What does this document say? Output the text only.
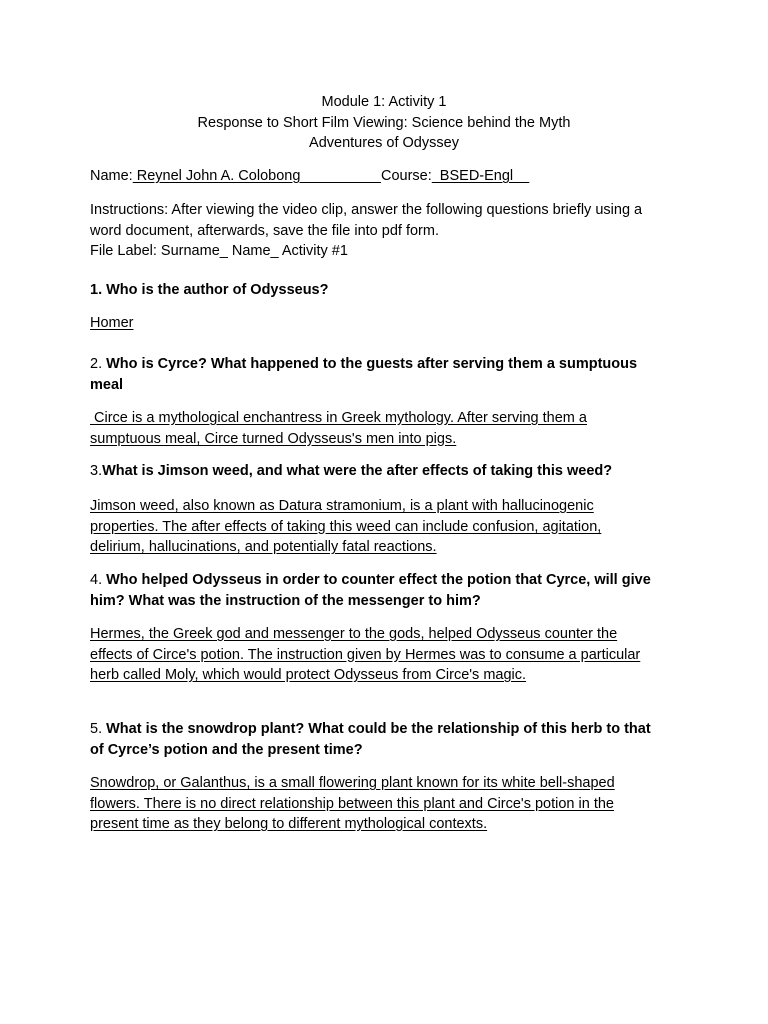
Module 1: Activity 1
Response to Short Film Viewing: Science behind the Myth
Adventures of Odyssey
Name: Reynel John A. Colobong                    Course:  BSED-Engl
Instructions: After viewing the video clip, answer the following questions briefly using a
word document, afterwards, save the file into pdf form.
File Label: Surname_ Name_ Activity #1
1. Who is the author of Odysseus?
Homer
2. Who is Cyrce? What happened to the guests after serving them a sumptuous
meal
Circe is a mythological enchantress in Greek mythology. After serving them a
sumptuous meal, Circe turned Odysseus's men into pigs.
3.What is Jimson weed, and what were the after effects of taking this weed?
Jimson weed, also known as Datura stramonium, is a plant with hallucinogenic
properties. The after effects of taking this weed can include confusion, agitation,
delirium, hallucinations, and potentially fatal reactions.
4. Who helped Odysseus in order to counter effect the potion that Cyrce, will give
him? What was the instruction of the messenger to him?
Hermes, the Greek god and messenger to the gods, helped Odysseus counter the
effects of Circe's potion. The instruction given by Hermes was to consume a particular
herb called Moly, which would protect Odysseus from Circe's magic.
5. What is the snowdrop plant? What could be the relationship of this herb to that
of Cyrce’s potion and the present time?
Snowdrop, or Galanthus, is a small flowering plant known for its white bell-shaped
flowers. There is no direct relationship between this plant and Circe's potion in the
present time as they belong to different mythological contexts.
